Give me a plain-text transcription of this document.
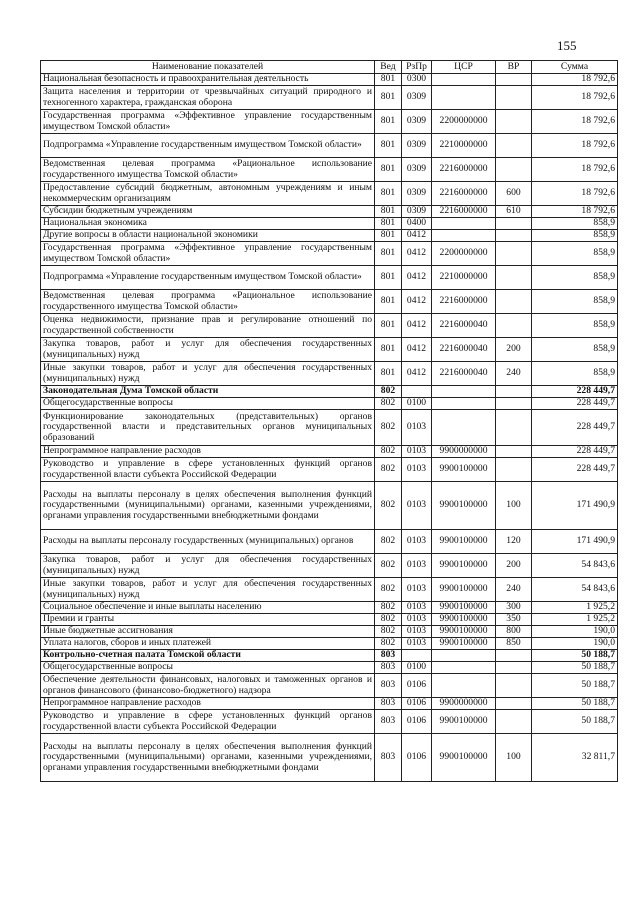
155
Наименование показателей	Вед	РзПр	ЦСР	ВР	Сумма
Национальная безопасность и правоохранительная деятельность	801	0300			18 792,6
Защита населения и территории от чрезвычайных ситуаций природного и техногенного характера, гражданская оборона	801	0309			18 792,6
Государственная программа «Эффективное управление государственным имуществом Томской области»	801	0309	2200000000		18 792,6
Подпрограмма «Управление государственным имуществом Томской области»	801	0309	2210000000		18 792,6
Ведомственная целевая программа «Рациональное использование государственного имущества Томской области»	801	0309	2216000000		18 792,6
Предоставление субсидий бюджетным, автономным учреждениям и иным некоммерческим организациям	801	0309	2216000000	600	18 792,6
Субсидии бюджетным учреждениям	801	0309	2216000000	610	18 792,6
Национальная экономика	801	0400			858,9
Другие вопросы в области национальной экономики	801	0412			858,9
Государственная программа «Эффективное управление государственным имуществом Томской области»	801	0412	2200000000		858,9
Подпрограмма «Управление государственным имуществом Томской области»	801	0412	2210000000		858,9
Ведомственная целевая программа «Рациональное использование государственного имущества Томской области»	801	0412	2216000000		858,9
Оценка недвижимости, признание прав и регулирование отношений по государственной собственности	801	0412	2216000040		858,9
Закупка товаров, работ и услуг для обеспечения государственных (муниципальных) нужд	801	0412	2216000040	200	858,9
Иные закупки товаров, работ и услуг для обеспечения государственных (муниципальных) нужд	801	0412	2216000040	240	858,9
Законодательная Дума Томской области	802				228 449,7
Общегосударственные вопросы	802	0100			228 449,7
Функционирование законодательных (представительных) органов государственной власти и представительных органов муниципальных образований	802	0103			228 449,7
Непрограммное направление расходов	802	0103	9900000000		228 449,7
Руководство и управление в сфере установленных функций органов государственной власти субъекта Российской Федерации	802	0103	9900100000		228 449,7
Расходы на выплаты персоналу в целях обеспечения выполнения функций государственными (муниципальными) органами, казенными учреждениями, органами управления государственными внебюджетными фондами	802	0103	9900100000	100	171 490,9
Расходы на выплаты персоналу государственных (муниципальных) органов	802	0103	9900100000	120	171 490,9
Закупка товаров, работ и услуг для обеспечения государственных (муниципальных) нужд	802	0103	9900100000	200	54 843,6
Иные закупки товаров, работ и услуг для обеспечения государственных (муниципальных) нужд	802	0103	9900100000	240	54 843,6
Социальное обеспечение и иные выплаты населению	802	0103	9900100000	300	1 925,2
Премии и гранты	802	0103	9900100000	350	1 925,2
Иные бюджетные ассигнования	802	0103	9900100000	800	190,0
Уплата налогов, сборов и иных платежей	802	0103	9900100000	850	190,0
Контрольно-счетная палата Томской области	803				50 188,7
Общегосударственные вопросы	803	0100			50 188,7
Обеспечение деятельности финансовых, налоговых и таможенных органов и органов финансового (финансово-бюджетного) надзора	803	0106			50 188,7
Непрограммное направление расходов	803	0106	9900000000		50 188,7
Руководство и управление в сфере установленных функций органов государственной власти субъекта Российской Федерации	803	0106	9900100000		50 188,7
Расходы на выплаты персоналу в целях обеспечения выполнения функций государственными (муниципальными) органами, казенными учреждениями, органами управления государственными внебюджетными фондами	803	0106	9900100000	100	32 811,7
